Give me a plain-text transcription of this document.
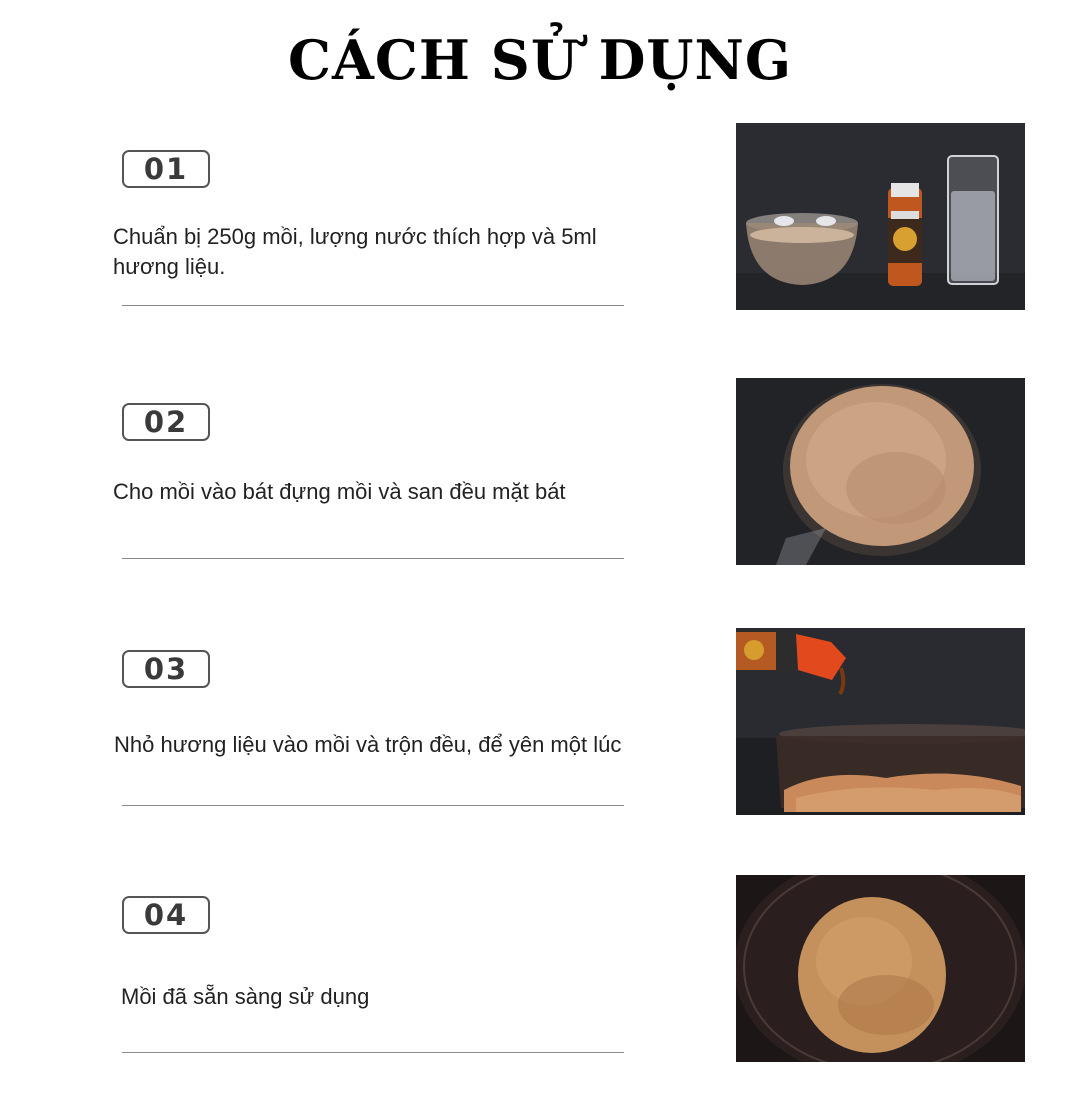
CÁCH SỬ DỤNG
01
Chuẩn bị 250g mồi, lượng nước thích hợp và 5ml hương liệu.
02
Cho mồi vào bát đựng mồi và san đều mặt bát
03
Nhỏ hương liệu vào mồi và trộn đều, để yên một lúc
04
Mồi đã sẵn sàng sử dụng
